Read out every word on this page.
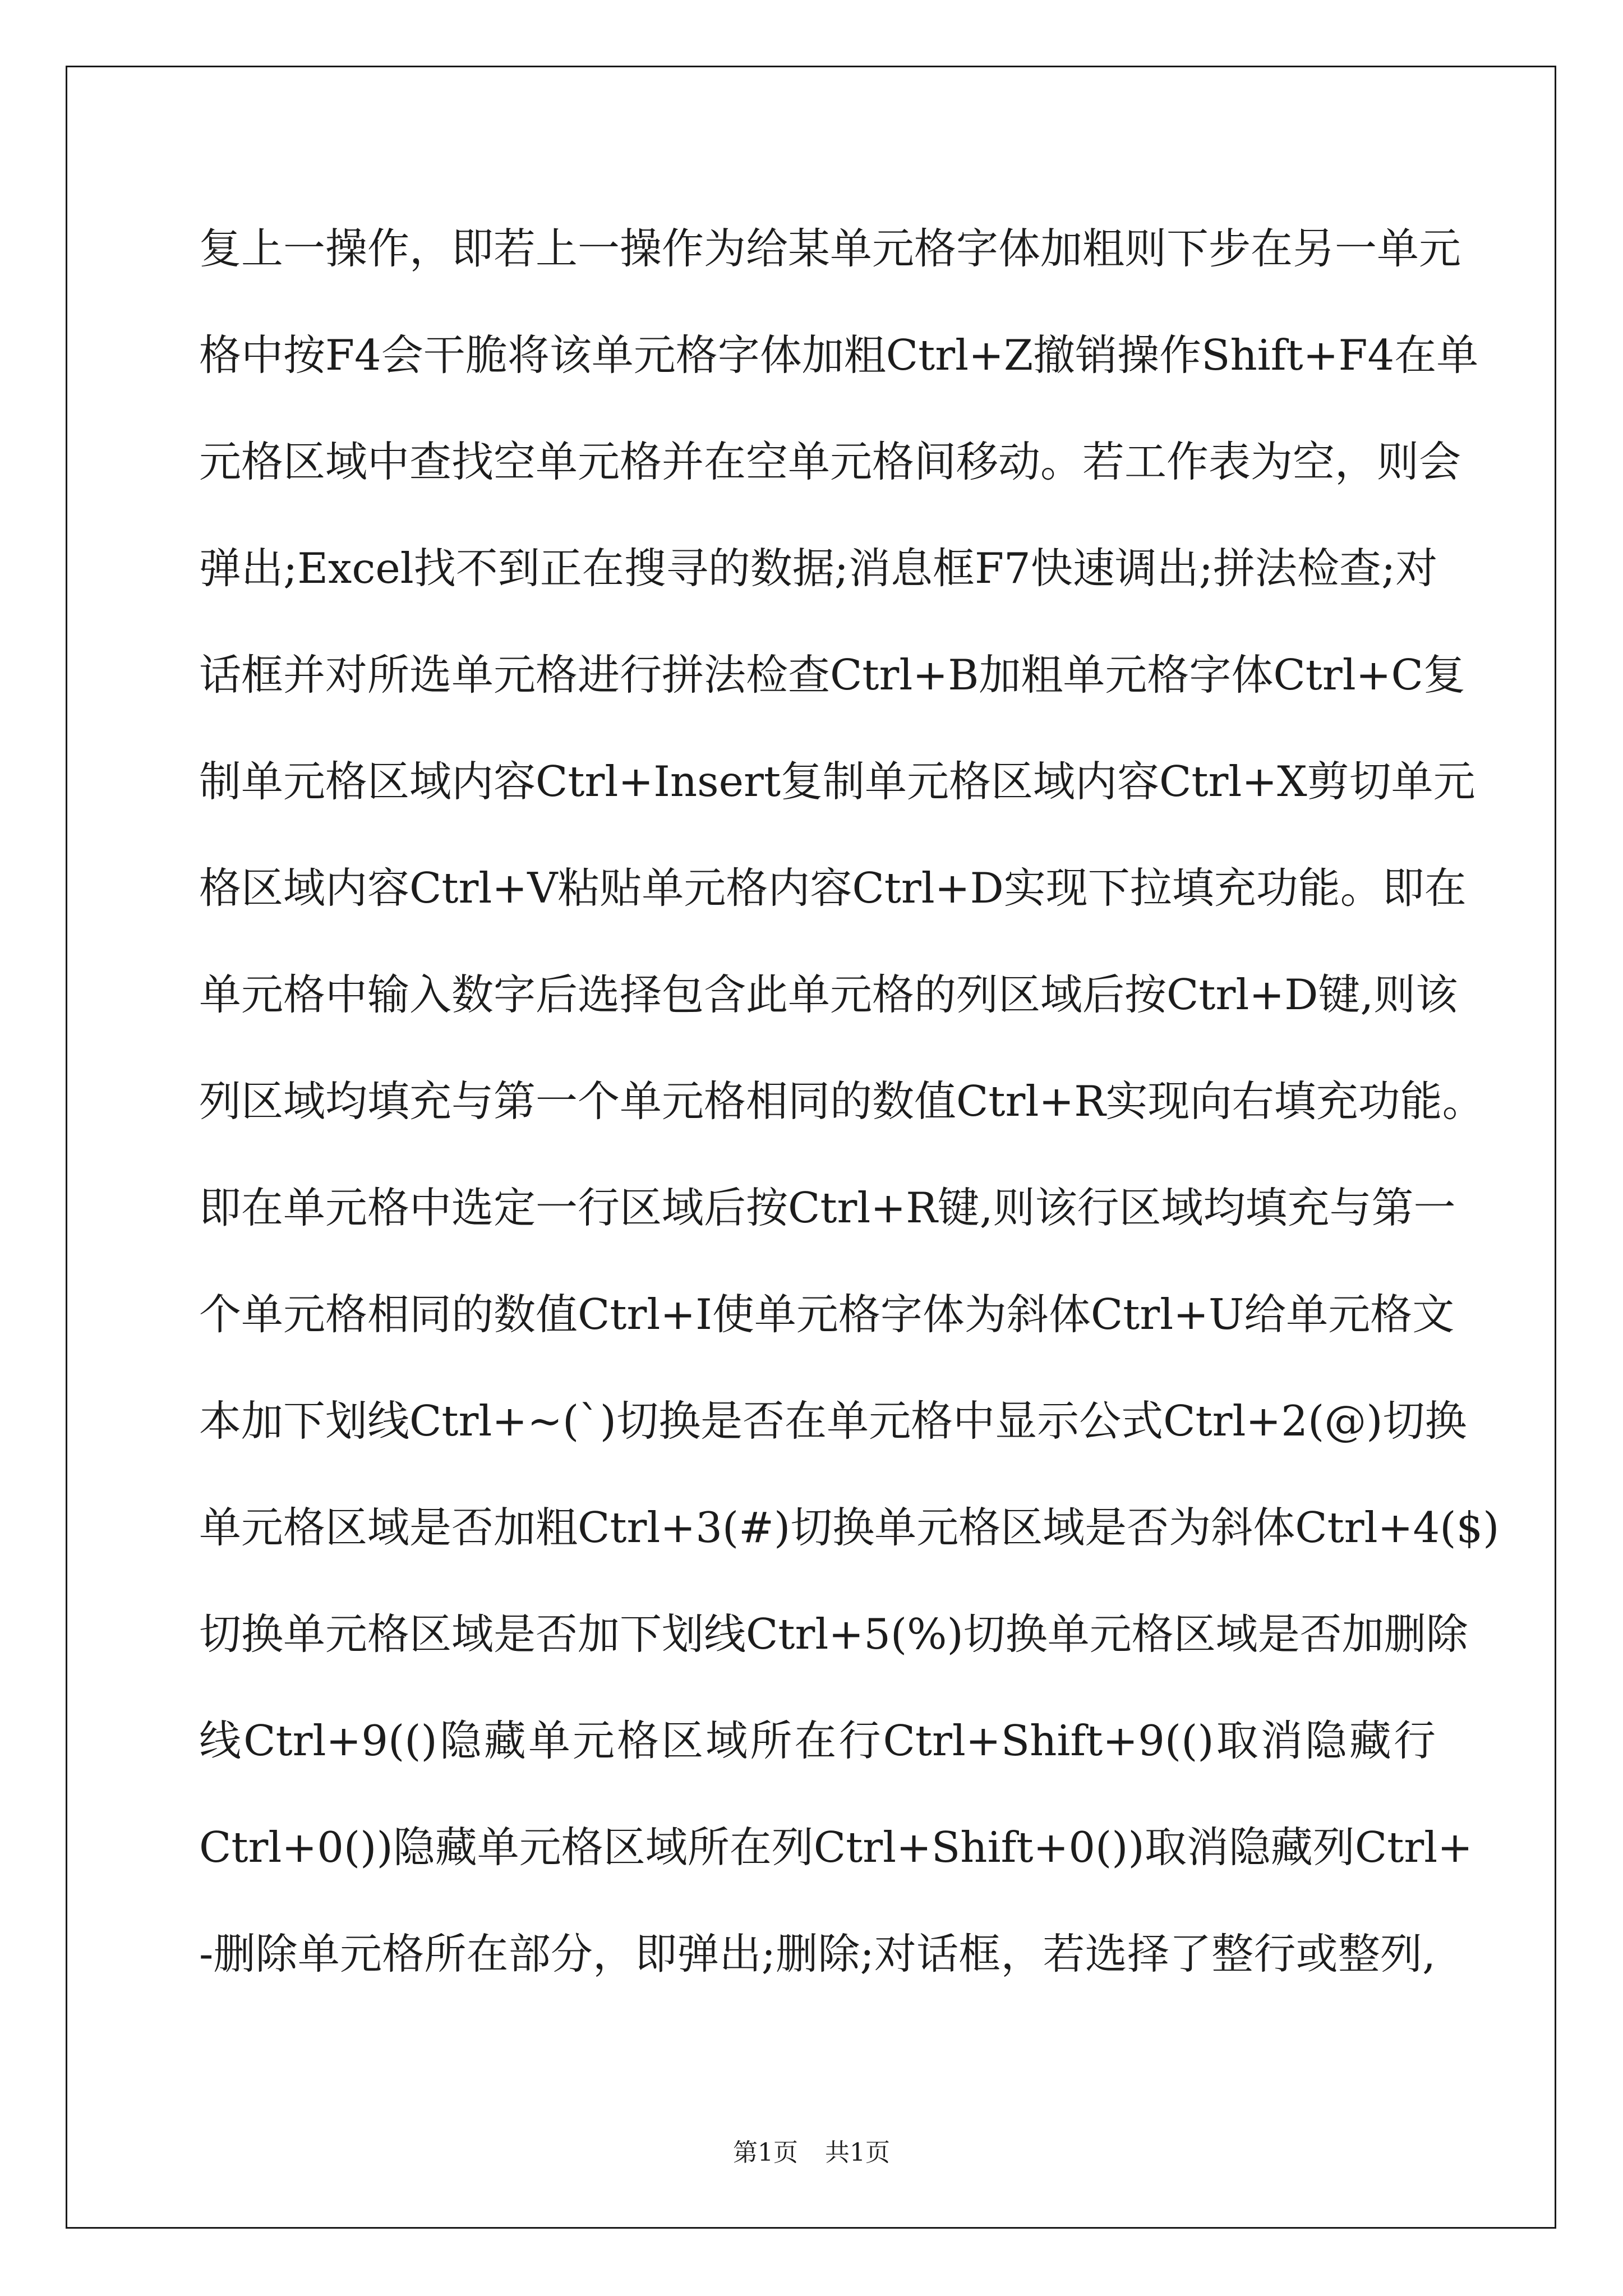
复上一操作，即若上一操作为给某单元格字体加粗则下步在另一单元
格中按F4会干脆将该单元格字体加粗Ctrl+Z撤销操作Shift+F4在单
元格区域中查找空单元格并在空单元格间移动。若工作表为空，则会
弹出;Excel找不到正在搜寻的数据;消息框F7快速调出;拼法检查;对
话框并对所选单元格进行拼法检查Ctrl+B加粗单元格字体Ctrl+C复
制单元格区域内容Ctrl+Insert复制单元格区域内容Ctrl+X剪切单元
格区域内容Ctrl+V粘贴单元格内容Ctrl+D实现下拉填充功能。即在
单元格中输入数字后选择包含此单元格的列区域后按Ctrl+D键,则该
列区域均填充与第一个单元格相同的数值Ctrl+R实现向右填充功能。
即在单元格中选定一行区域后按Ctrl+R键,则该行区域均填充与第一
个单元格相同的数值Ctrl+I使单元格字体为斜体Ctrl+U给单元格文
本加下划线Ctrl+~(`)切换是否在单元格中显示公式Ctrl+2(@)切换
单元格区域是否加粗Ctrl+3(#)切换单元格区域是否为斜体Ctrl+4($)
切换单元格区域是否加下划线Ctrl+5(%)切换单元格区域是否加删除
线Ctrl+9(()隐藏单元格区域所在行Ctrl+Shift+9(()取消隐藏行
Ctrl+0())隐藏单元格区域所在列Ctrl+Shift+0())取消隐藏列Ctrl+
-删除单元格所在部分，即弹出;删除;对话框，若选择了整行或整列,
第1页 共1页
